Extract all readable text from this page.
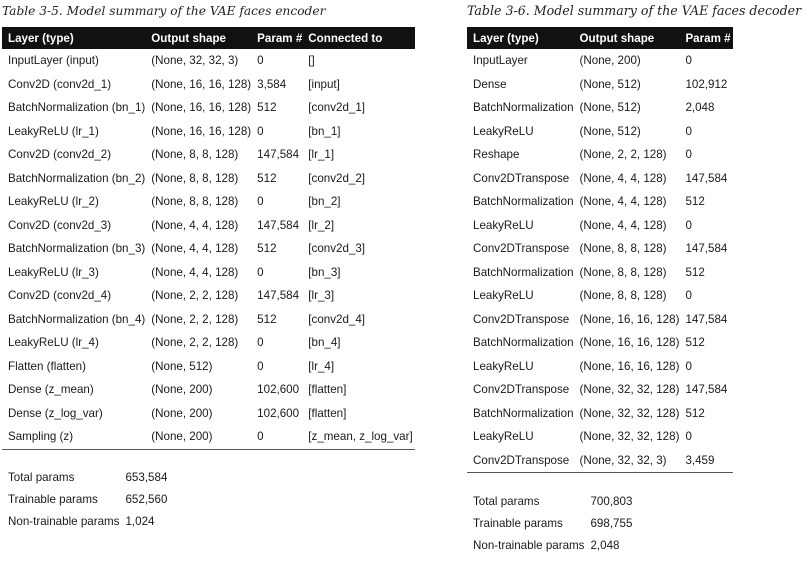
Table 3-5. Model summary of the VAE faces encoder
Layer (type)	Output shape	Param #	Connected to
InputLayer (input)	(None, 32, 32, 3)	0	[]
Conv2D (conv2d_1)	(None, 16, 16, 128)	3,584	[input]
BatchNormalization (bn_1)	(None, 16, 16, 128)	512	[conv2d_1]
LeakyReLU (lr_1)	(None, 16, 16, 128)	0	[bn_1]
Conv2D (conv2d_2)	(None, 8, 8, 128)	147,584	[lr_1]
BatchNormalization (bn_2)	(None, 8, 8, 128)	512	[conv2d_2]
LeakyReLU (lr_2)	(None, 8, 8, 128)	0	[bn_2]
Conv2D (conv2d_3)	(None, 4, 4, 128)	147,584	[lr_2]
BatchNormalization (bn_3)	(None, 4, 4, 128)	512	[conv2d_3]
LeakyReLU (lr_3)	(None, 4, 4, 128)	0	[bn_3]
Conv2D (conv2d_4)	(None, 2, 2, 128)	147,584	[lr_3]
BatchNormalization (bn_4)	(None, 2, 2, 128)	512	[conv2d_4]
LeakyReLU (lr_4)	(None, 2, 2, 128)	0	[bn_4]
Flatten (flatten)	(None, 512)	0	[lr_4]
Dense (z_mean)	(None, 200)	102,600	[flatten]
Dense (z_log_var)	(None, 200)	102,600	[flatten]
Sampling (z)	(None, 200)	0	[z_mean, z_log_var]
Total params	653,584
Trainable params	652,560
Non-trainable params	1,024
Table 3-6. Model summary of the VAE faces decoder
Layer (type)	Output shape	Param #
InputLayer	(None, 200)	0
Dense	(None, 512)	102,912
BatchNormalization	(None, 512)	2,048
LeakyReLU	(None, 512)	0
Reshape	(None, 2, 2, 128)	0
Conv2DTranspose	(None, 4, 4, 128)	147,584
BatchNormalization	(None, 4, 4, 128)	512
LeakyReLU	(None, 4, 4, 128)	0
Conv2DTranspose	(None, 8, 8, 128)	147,584
BatchNormalization	(None, 8, 8, 128)	512
LeakyReLU	(None, 8, 8, 128)	0
Conv2DTranspose	(None, 16, 16, 128)	147,584
BatchNormalization	(None, 16, 16, 128)	512
LeakyReLU	(None, 16, 16, 128)	0
Conv2DTranspose	(None, 32, 32, 128)	147,584
BatchNormalization	(None, 32, 32, 128)	512
LeakyReLU	(None, 32, 32, 128)	0
Conv2DTranspose	(None, 32, 32, 3)	3,459
Total params	700,803
Trainable params	698,755
Non-trainable params	2,048
